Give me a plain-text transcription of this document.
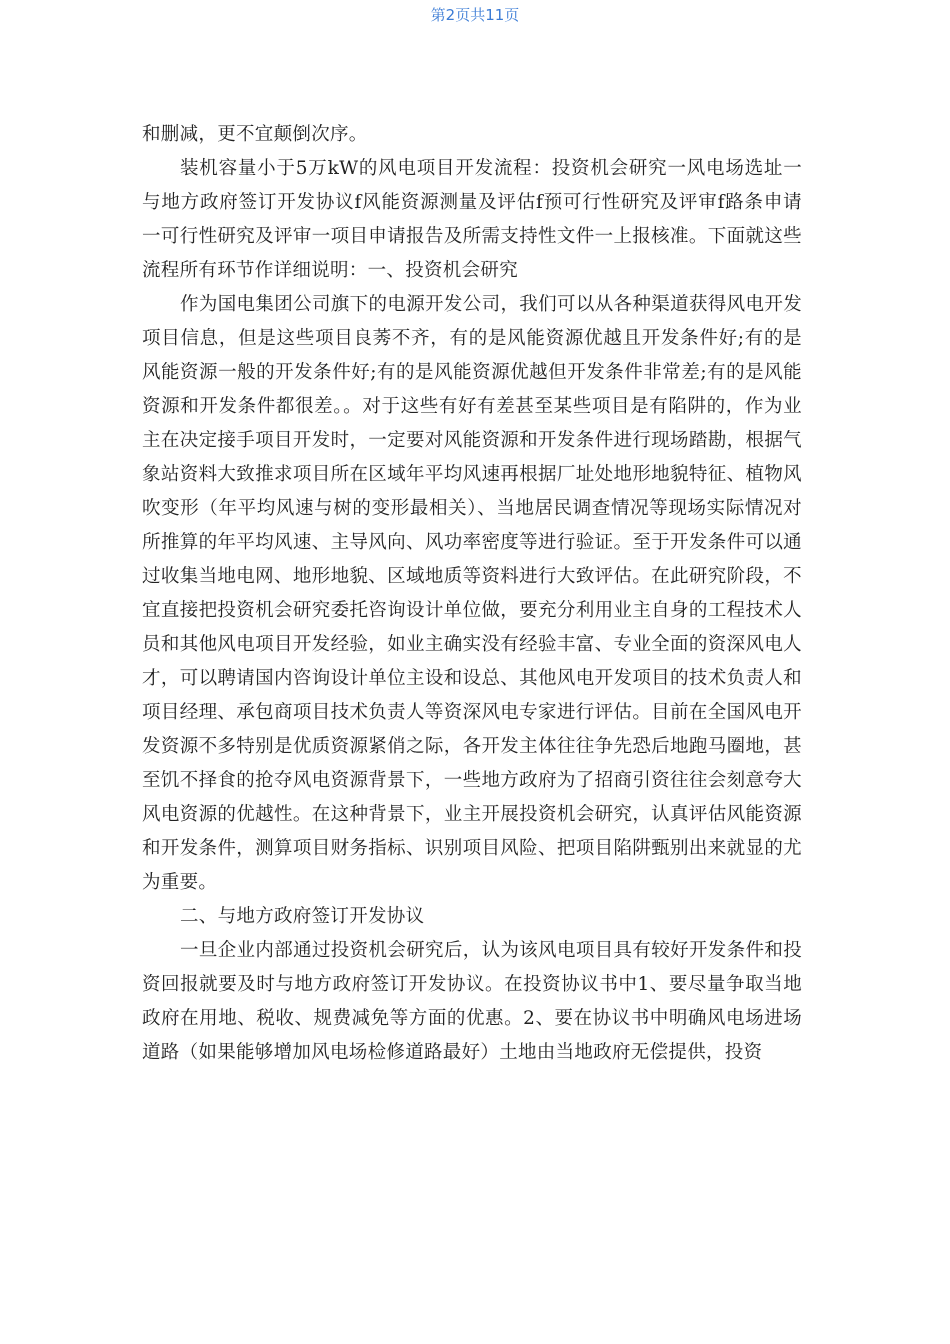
第2页共11页

和删减，更不宜颠倒次序。

装机容量小于5万kW的风电项目开发流程：投资机会研究一风电场选址一与地方政府签订开发协议f风能资源测量及评估f预可行性研究及评审f路条申请一可行性研究及评审一项目申请报告及所需支持性文件一上报核准。下面就这些流程所有环节作详细说明：一、投资机会研究

作为国电集团公司旗下的电源开发公司，我们可以从各种渠道获得风电开发项目信息，但是这些项目良莠不齐，有的是风能资源优越且开发条件好;有的是风能资源一般的开发条件好;有的是风能资源优越但开发条件非常差;有的是风能资源和开发条件都很差。。对于这些有好有差甚至某些项目是有陷阱的，作为业主在决定接手项目开发时，一定要对风能资源和开发条件进行现场踏勘，根据气象站资料大致推求项目所在区域年平均风速再根据厂址处地形地貌特征、植物风吹变形（年平均风速与树的变形最相关）、当地居民调查情况等现场实际情况对所推算的年平均风速、主导风向、风功率密度等进行验证。至于开发条件可以通过收集当地电网、地形地貌、区域地质等资料进行大致评估。在此研究阶段，不宜直接把投资机会研究委托咨询设计单位做，要充分利用业主自身的工程技术人员和其他风电项目开发经验，如业主确实没有经验丰富、专业全面的资深风电人才，可以聘请国内咨询设计单位主设和设总、其他风电开发项目的技术负责人和项目经理、承包商项目技术负责人等资深风电专家进行评估。目前在全国风电开发资源不多特别是优质资源紧俏之际，各开发主体往往争先恐后地跑马圈地，甚至饥不择食的抢夺风电资源背景下，一些地方政府为了招商引资往往会刻意夸大风电资源的优越性。在这种背景下，业主开展投资机会研究，认真评估风能资源和开发条件，测算项目财务指标、识别项目风险、把项目陷阱甄别出来就显的尤为重要。

二、与地方政府签订开发协议

一旦企业内部通过投资机会研究后，认为该风电项目具有较好开发条件和投资回报就要及时与地方政府签订开发协议。在投资协议书中1、要尽量争取当地政府在用地、税收、规费减免等方面的优惠。2、要在协议书中明确风电场进场道路（如果能够增加风电场检修道路最好）土地由当地政府无偿提供，投资
